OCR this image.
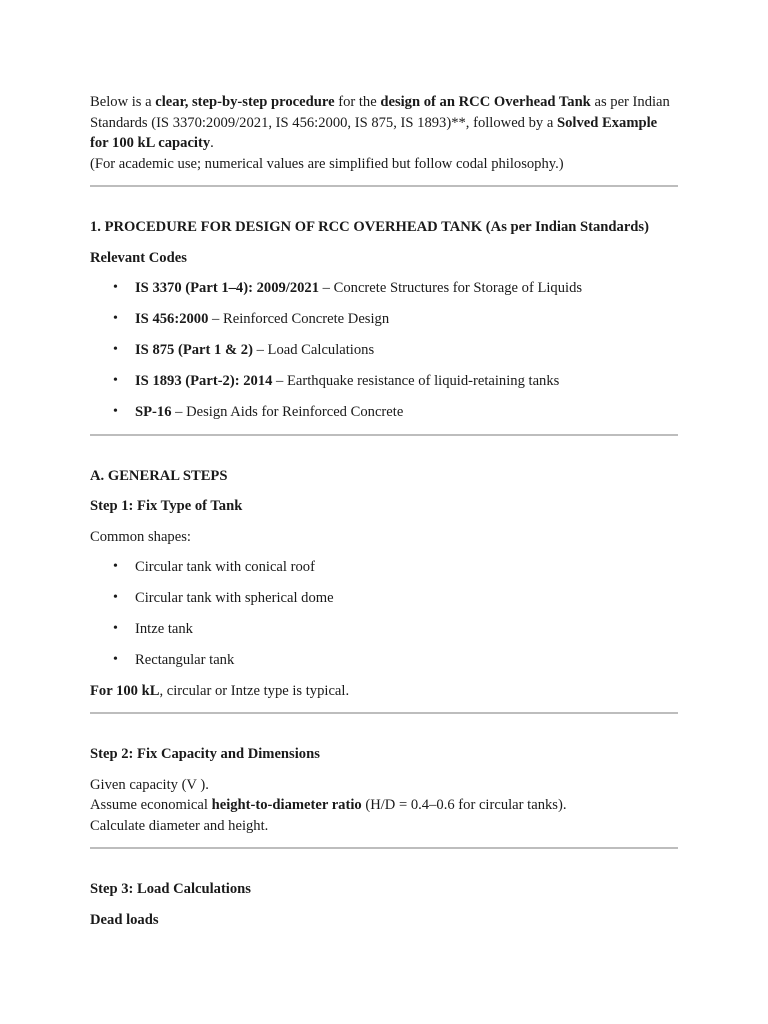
Below is a clear, step-by-step procedure for the design of an RCC Overhead Tank as per Indian Standards (IS 3370:2009/2021, IS 456:2000, IS 875, IS 1893)**, followed by a Solved Example for 100 kL capacity.

(For academic use; numerical values are simplified but follow codal philosophy.)

1. PROCEDURE FOR DESIGN OF RCC OVERHEAD TANK (As per Indian Standards)

Relevant Codes

• IS 3370 (Part 1–4): 2009/2021 – Concrete Structures for Storage of Liquids
• IS 456:2000 – Reinforced Concrete Design
• IS 875 (Part 1 & 2) – Load Calculations
• IS 1893 (Part-2): 2014 – Earthquake resistance of liquid-retaining tanks
• SP-16 – Design Aids for Reinforced Concrete

A. GENERAL STEPS

Step 1: Fix Type of Tank

Common shapes:

• Circular tank with conical roof
• Circular tank with spherical dome
• Intze tank
• Rectangular tank

For 100 kL, circular or Intze type is typical.

Step 2: Fix Capacity and Dimensions

Given capacity (V ).

Assume economical height-to-diameter ratio (H/D = 0.4–0.6 for circular tanks).

Calculate diameter and height.

Step 3: Load Calculations

Dead loads
